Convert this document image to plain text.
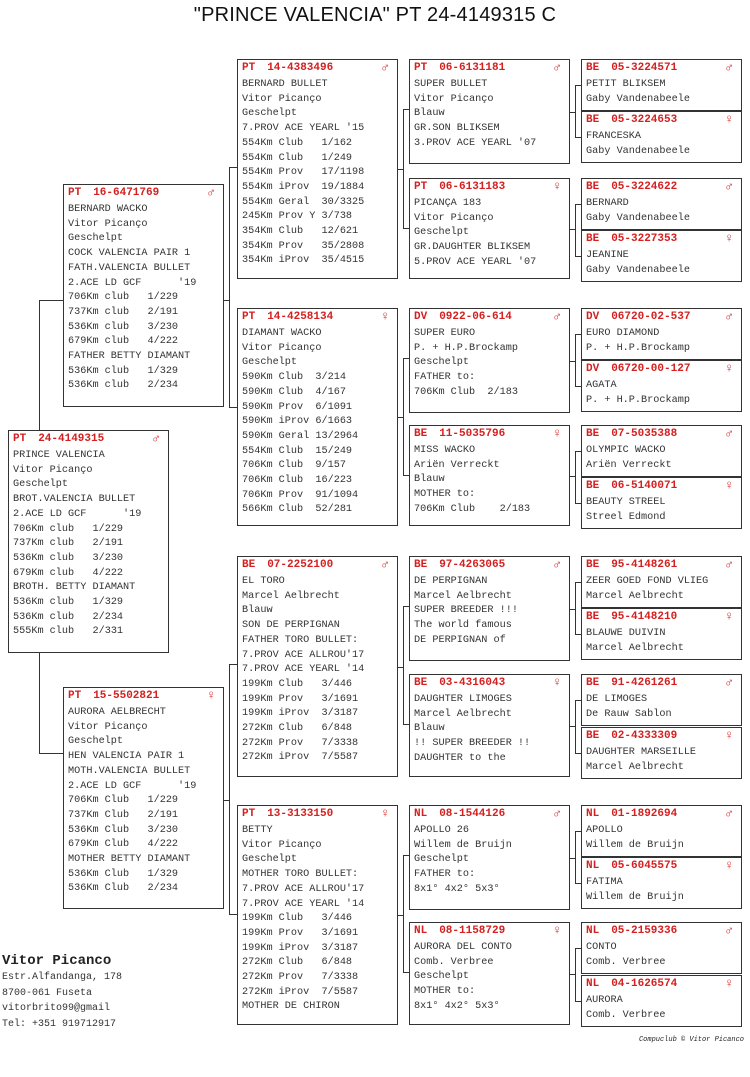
"PRINCE VALENCIA" PT 24-4149315 C
PT 24-4149315	♂
PRINCE VALENCIA
Vitor Picanço
Geschelpt
BROT.VALENCIA BULLET
2.ACE LD GCF      '19
706Km club   1/229
737Km club   2/191
536Km club   3/230
679Km club   4/222
BROTH. BETTY DIAMANT
536Km club   1/329
536Km club   2/234
555Km club   2/331
PT 16-6471769	♂
BERNARD WACKO
Vitor Picanço
Geschelpt
COCK VALENCIA PAIR 1
FATH.VALENCIA BULLET
2.ACE LD GCF      '19
706Km club   1/229
737Km club   2/191
536Km club   3/230
679Km club   4/222
FATHER BETTY DIAMANT
536Km club   1/329
536Km club   2/234
PT 15-5502821	♀
AURORA AELBRECHT
Vitor Picanço
Geschelpt
HEN VALENCIA PAIR 1
MOTH.VALENCIA BULLET
2.ACE LD GCF      '19
706Km Club   1/229
737Km Club   2/191
536Km Club   3/230
679Km Club   4/222
MOTHER BETTY DIAMANT
536Km Club   1/329
536Km Club   2/234
PT 14-4383496	♂
BERNARD BULLET
Vitor Picanço
Geschelpt
7.PROV ACE YEARL '15
554Km Club   1/162
554Km Club   1/249
554Km Prov   17/1198
554Km iProv  19/1884
554Km Geral  30/3325
245Km Prov Y 3/738
354Km Club   12/621
354Km Prov   35/2808
354Km iProv  35/4515
PT 14-4258134	♀
DIAMANT WACKO
Vitor Picanço
Geschelpt
590Km Club  3/214
590Km Club  4/167
590Km Prov  6/1091
590Km iProv 6/1663
590Km Geral 13/2964
554Km Club  15/249
706Km Club  9/157
706Km Club  16/223
706Km Prov  91/1094
566Km Club  52/281
BE 07-2252100	♂
EL TORO
Marcel Aelbrecht
Blauw
SON DE PERPIGNAN
FATHER TORO BULLET:
7.PROV ACE ALLROU'17
7.PROV ACE YEARL '14
199Km Club   3/446
199Km Prov   3/1691
199Km iProv  3/3187
272Km Club   6/848
272Km Prov   7/3338
272Km iProv  7/5587
PT 13-3133150	♀
BETTY
Vitor Picanço
Geschelpt
MOTHER TORO BULLET:
7.PROV ACE ALLROU'17
7.PROV ACE YEARL '14
199Km Club   3/446
199Km Prov   3/1691
199Km iProv  3/3187
272Km Club   6/848
272Km Prov   7/3338
272Km iProv  7/5587
MOTHER DE CHIRON
PT 06-6131181	♂
SUPER BULLET
Vitor Picanço
Blauw
GR.SON BLIKSEM
3.PROV ACE YEARL '07
PT 06-6131183	♀
PICANÇA 183
Vitor Picanço
Geschelpt
GR.DAUGHTER BLIKSEM
5.PROV ACE YEARL '07
DV 0922-06-614	♂
SUPER EURO
P. + H.P.Brockamp
Geschelpt
FATHER to:
706Km Club  2/183
BE 11-5035796	♀
MISS WACKO
Ariën Verreckt
Blauw
MOTHER to:
706Km Club    2/183
BE 97-4263065	♂
DE PERPIGNAN
Marcel Aelbrecht
SUPER BREEDER !!!
The world famous
DE PERPIGNAN of
BE 03-4316043	♀
DAUGHTER LIMOGES
Marcel Aelbrecht
Blauw
!! SUPER BREEDER !!
DAUGHTER to the
NL 08-1544126	♂
APOLLO 26
Willem de Bruijn
Geschelpt
FATHER to:
8x1° 4x2° 5x3°
NL 08-1158729	♀
AURORA DEL CONTO
Comb. Verbree
Geschelpt
MOTHER to:
8x1° 4x2° 5x3°
BE 05-3224571	♂
PETIT BLIKSEM
Gaby Vandenabeele
BE 05-3224653	♀
FRANCESKA
Gaby Vandenabeele
BE 05-3224622	♂
BERNARD
Gaby Vandenabeele
BE 05-3227353	♀
JEANINE
Gaby Vandenabeele
DV 06720-02-537	♂
EURO DIAMOND
P. + H.P.Brockamp
DV 06720-00-127	♀
AGATA
P. + H.P.Brockamp
BE 07-5035388	♂
OLYMPIC WACKO
Ariën Verreckt
BE 06-5140071	♀
BEAUTY STREEL
Streel Edmond
BE 95-4148261	♂
ZEER GOED FOND VLIEG
Marcel Aelbrecht
BE 95-4148210	♀
BLAUWE DUIVIN
Marcel Aelbrecht
BE 91-4261261	♂
DE LIMOGES
De Rauw Sablon
BE 02-4333309	♀
DAUGHTER MARSEILLE
Marcel Aelbrecht
NL 01-1892694	♂
APOLLO
Willem de Bruijn
NL 05-6045575	♀
FATIMA
Willem de Bruijn
NL 05-2159336	♂
CONTO
Comb. Verbree
NL 04-1626574	♀
AURORA
Comb. Verbree
Vitor Picanco
Estr.Alfandanga, 178
8700-061 Fuseta
vitorbrito99@gmail
Tel: +351 919712917
Compuclub © Vitor Picanco
